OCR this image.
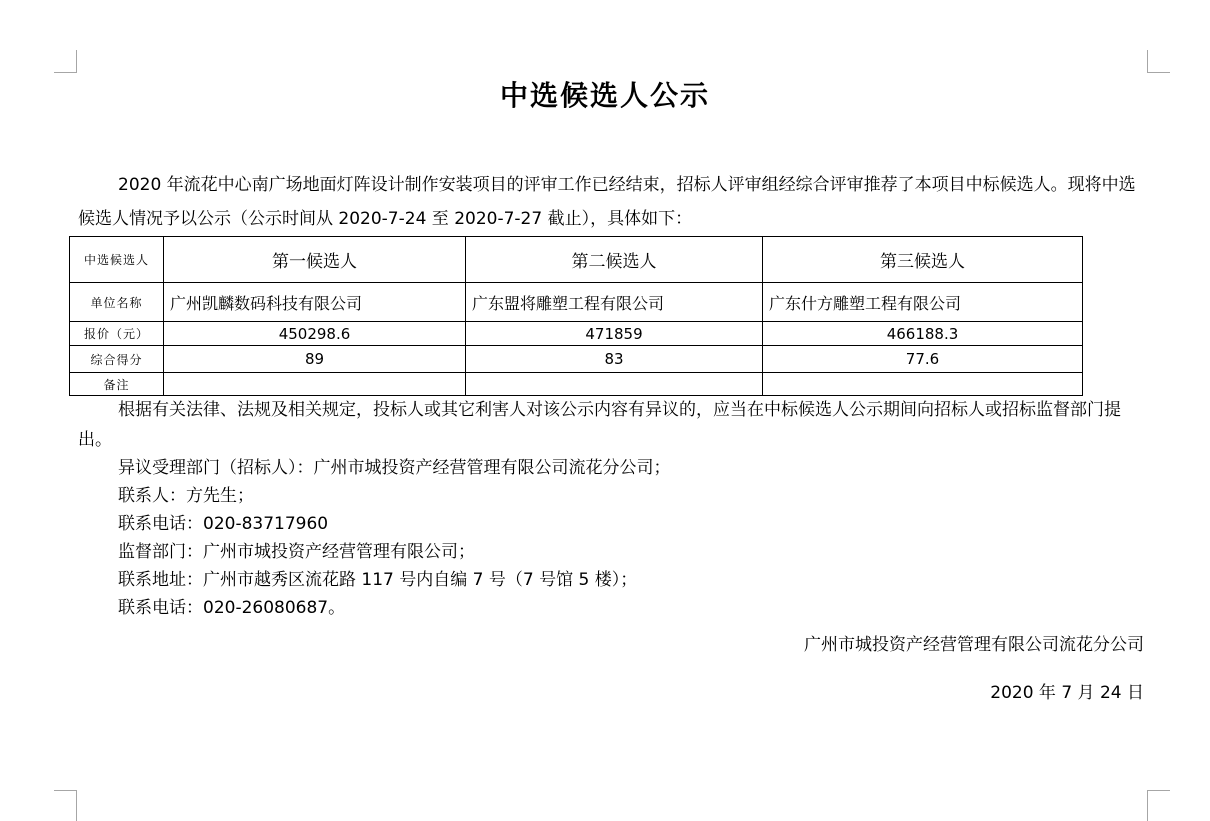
中选候选人公示

2020 年流花中心南广场地面灯阵设计制作安装项目的评审工作已经结束，招标人评审组经综合评审推荐了本项目中标候选人。现将中选候选人情况予以公示（公示时间从 2020-7-24 至 2020-7-27 截止），具体如下：

中选候选人	第一候选人	第二候选人	第三候选人
单位名称	广州凯麟数码科技有限公司	广东盟将雕塑工程有限公司	广东什方雕塑工程有限公司
报价（元）	450298.6	471859	466188.3
综合得分	89	83	77.6
备注			

根据有关法律、法规及相关规定，投标人或其它利害人对该公示内容有异议的，应当在中标候选人公示期间向招标人或招标监督部门提出。

异议受理部门（招标人）：广州市城投资产经营管理有限公司流花分公司；
联系人：方先生；
联系电话：020-83717960
监督部门：广州市城投资产经营管理有限公司；
联系地址：广州市越秀区流花路 117 号内自编 7 号（7 号馆 5 楼）；
联系电话：020-26080687。
广州市城投资产经营管理有限公司流花分公司
2020 年 7 月 24 日
